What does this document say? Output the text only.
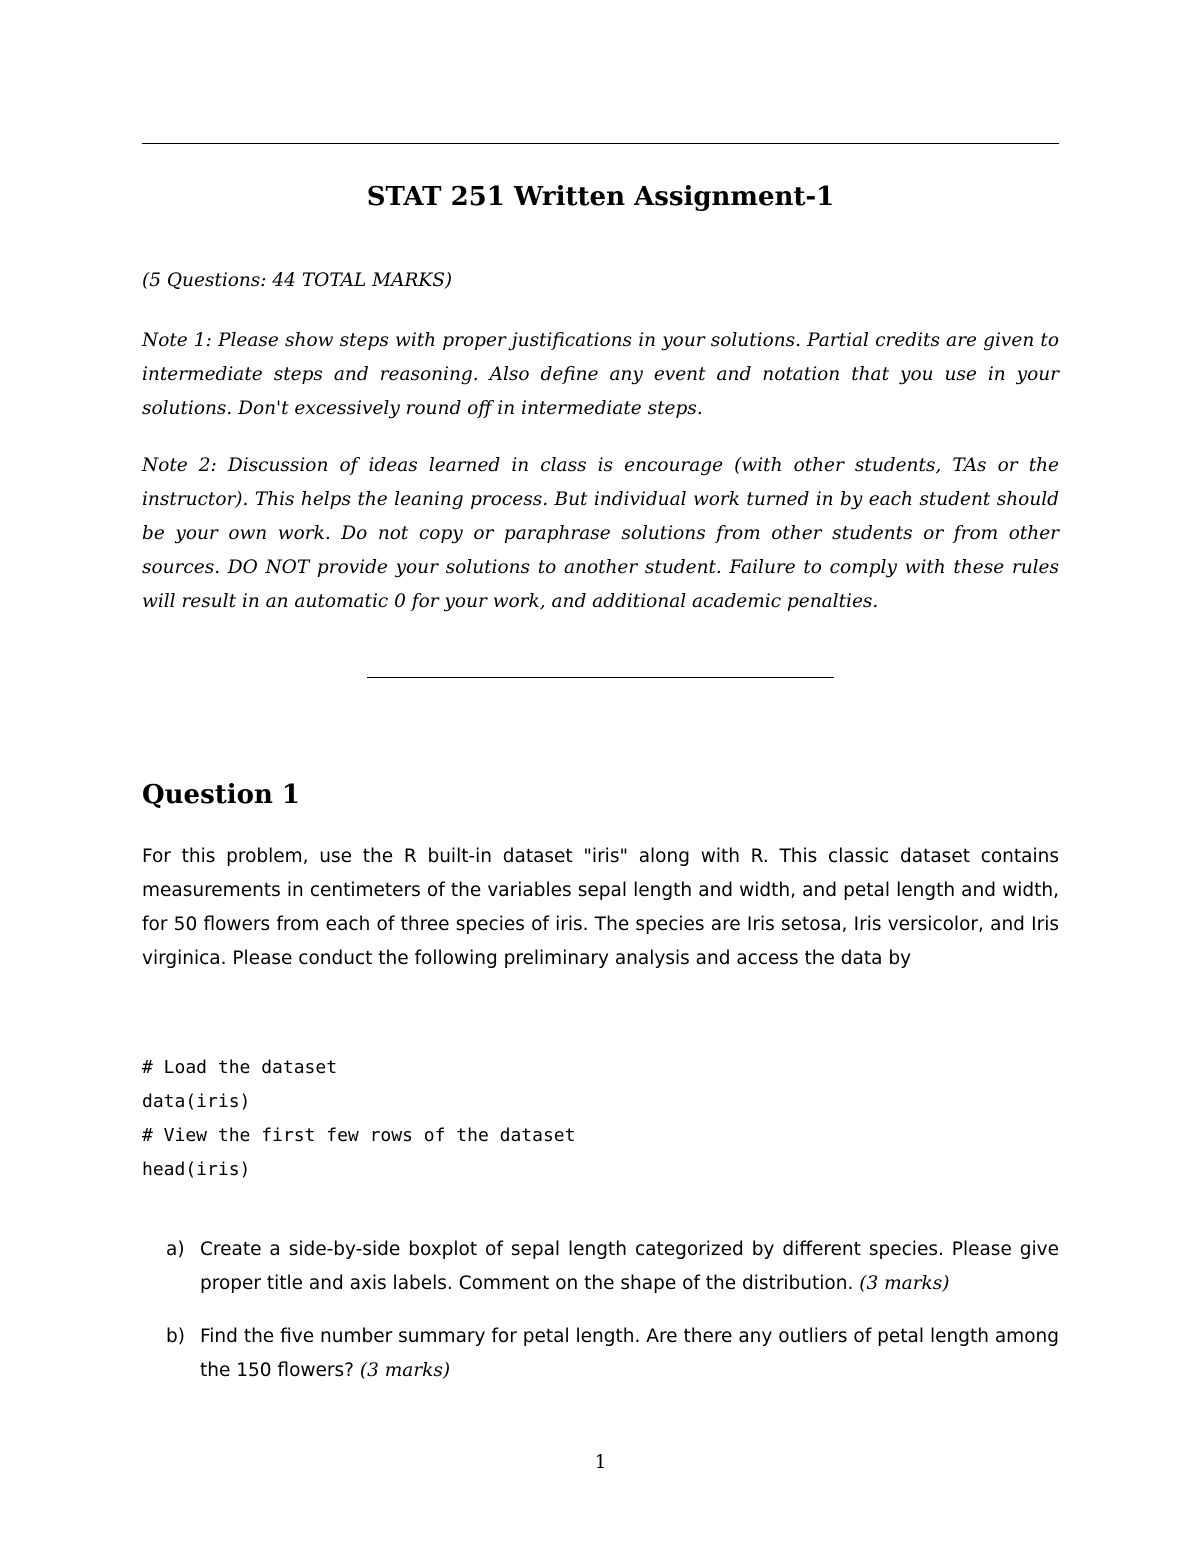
STAT 251 Written Assignment-1
(5 Questions: 44 TOTAL MARKS)
Note 1: Please show steps with proper justifications in your solutions. Partial credits are given to intermediate steps and reasoning. Also define any event and notation that you use in your solutions. Don't excessively round off in intermediate steps.
Note 2: Discussion of ideas learned in class is encourage (with other students, TAs or the instructor). This helps the leaning process. But individual work turned in by each student should be your own work. Do not copy or paraphrase solutions from other students or from other sources. DO NOT provide your solutions to another student. Failure to comply with these rules will result in an automatic 0 for your work, and additional academic penalties.
Question 1
For this problem, use the R built-in dataset "iris" along with R. This classic dataset contains measurements in centimeters of the variables sepal length and width, and petal length and width, for 50 flowers from each of three species of iris. The species are Iris setosa, Iris versicolor, and Iris virginica. Please conduct the following preliminary analysis and access the data by
# Load the dataset
data(iris)
# View the first few rows of the dataset
head(iris)
a) Create a side-by-side boxplot of sepal length categorized by different species. Please give proper title and axis labels. Comment on the shape of the distribution. (3 marks)
b) Find the five number summary for petal length. Are there any outliers of petal length among the 150 flowers? (3 marks)
1
